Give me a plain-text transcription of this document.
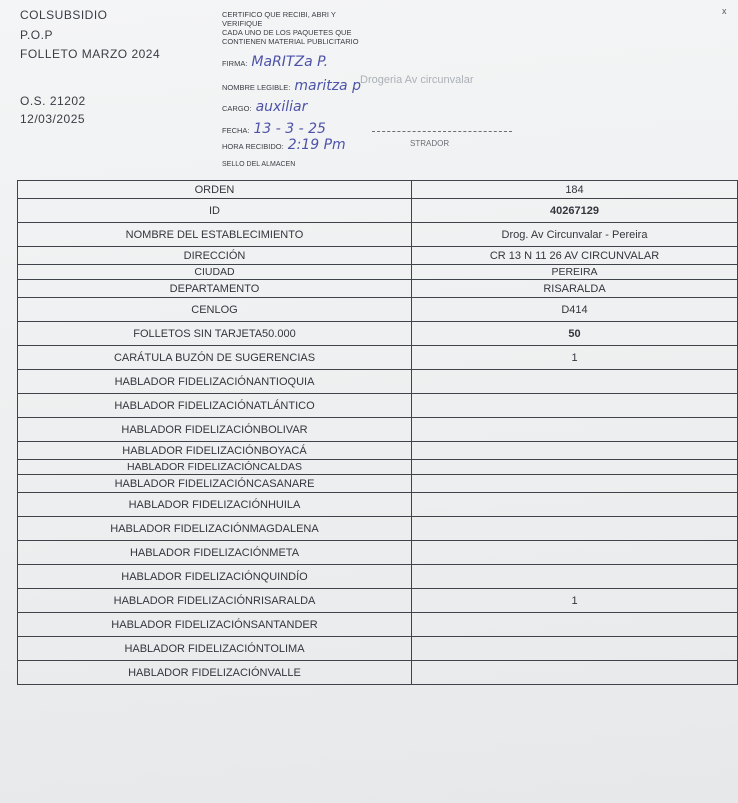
COLSUBSIDIO
P.O.P
FOLLETO MARZO 2024
O.S. 21202
12/03/2025
x
CERTIFICO QUE RECIBI, ABRI Y
VERIFIQUE
CADA UNO DE LOS PAQUETES QUE
CONTIENEN MATERIAL PUBLICITARIO
FIRMA: MaRITZa P.
Drogeria Av circunvalar
NOMBRE LEGIBLE: maritza p
CARGO: auxiliar
FECHA: 13 - 3 - 25
HORA RECIBIDO: 2:19 Pm	STRADOR
SELLO DEL ALMACEN
ORDEN	184
ID	40267129
NOMBRE DEL ESTABLECIMIENTO	Drog. Av Circunvalar - Pereira
DIRECCIÓN	CR 13 N 11 26 AV CIRCUNVALAR
CIUDAD	PEREIRA
DEPARTAMENTO	RISARALDA
CENLOG	D414
FOLLETOS SIN TARJETA50.000	50
CARÁTULA BUZÓN DE SUGERENCIAS	1
HABLADOR FIDELIZACIÓNANTIOQUIA	
HABLADOR FIDELIZACIÓNATLÁNTICO	
HABLADOR FIDELIZACIÓNBOLIVAR	
HABLADOR FIDELIZACIÓNBOYACÁ	
HABLADOR FIDELIZACIÓNCALDAS	
HABLADOR FIDELIZACIÓNCASANARE	
HABLADOR FIDELIZACIÓNHUILA	
HABLADOR FIDELIZACIÓNMAGDALENA	
HABLADOR FIDELIZACIÓNMETA	
HABLADOR FIDELIZACIÓNQUINDÍO	
HABLADOR FIDELIZACIÓNRISARALDA	1
HABLADOR FIDELIZACIÓNSANTANDER	
HABLADOR FIDELIZACIÓNTOLIMA	
HABLADOR FIDELIZACIÓNVALLE	
